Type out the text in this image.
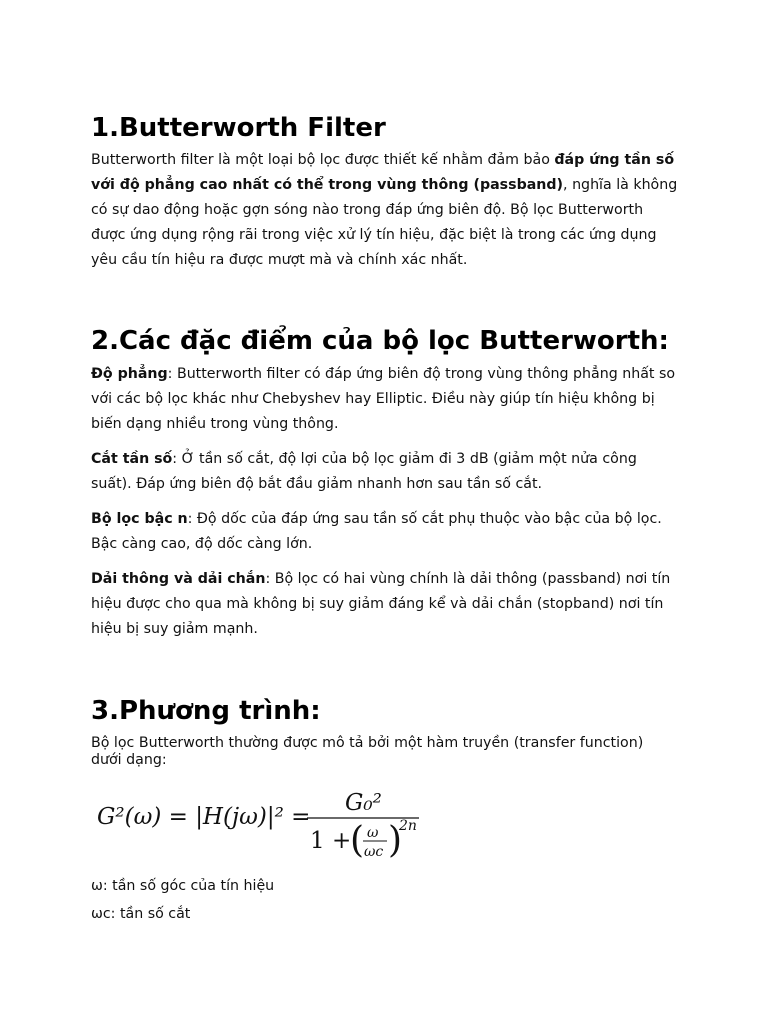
1.Butterworth Filter

Butterworth filter là một loại bộ lọc được thiết kế nhằm đảm bảo đáp ứng tần số với độ phẳng cao nhất có thể trong vùng thông (passband), nghĩa là không có sự dao động hoặc gợn sóng nào trong đáp ứng biên độ. Bộ lọc Butterworth được ứng dụng rộng rãi trong việc xử lý tín hiệu, đặc biệt là trong các ứng dụng yêu cầu tín hiệu ra được mượt mà và chính xác nhất.

2.Các đặc điểm của bộ lọc Butterworth:

Độ phẳng: Butterworth filter có đáp ứng biên độ trong vùng thông phẳng nhất so với các bộ lọc khác như Chebyshev hay Elliptic. Điều này giúp tín hiệu không bị biến dạng nhiều trong vùng thông.

Cắt tần số: Ở tần số cắt, độ lợi của bộ lọc giảm đi 3 dB (giảm một nửa công suất). Đáp ứng biên độ bắt đầu giảm nhanh hơn sau tần số cắt.

Bộ lọc bậc n: Độ dốc của đáp ứng sau tần số cắt phụ thuộc vào bậc của bộ lọc. Bậc càng cao, độ dốc càng lớn.

Dải thông và dải chắn: Bộ lọc có hai vùng chính là dải thông (passband) nơi tín hiệu được cho qua mà không bị suy giảm đáng kể và dải chắn (stopband) nơi tín hiệu bị suy giảm mạnh.

3.Phương trình:

Bộ lọc Butterworth thường được mô tả bởi một hàm truyền (transfer function) dưới dạng:

G²(ω) = |H(jω)|² =
G₀²
1 +
( ω
ωc )
2n

ω: tần số góc của tín hiệu

ωc: tần số cắt
